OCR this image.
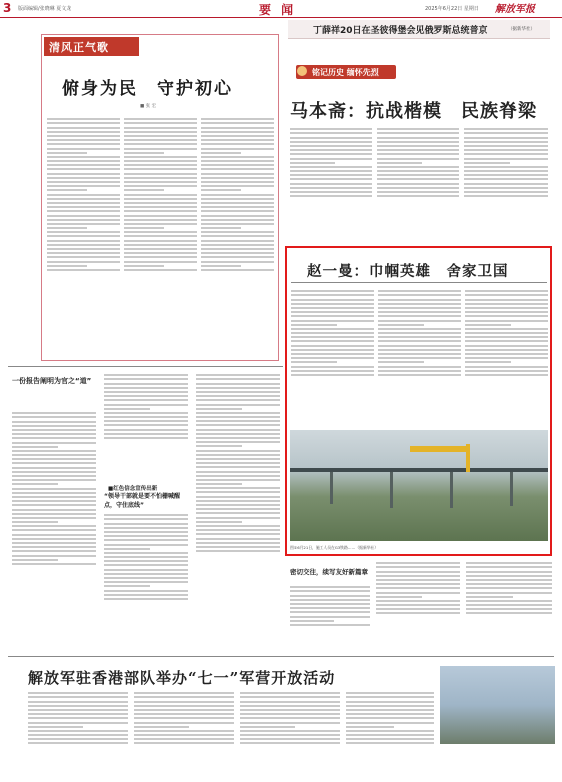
3 版面编辑/张晓琳 夏文龙	要 闻	2025年6月22日 星期日 解放军报
清风正气歌
俯身为民　守护初心
■ 张 宏
丁薛祥20日在圣彼得堡会见俄罗斯总统普京	（据新华社）
铭记历史 缅怀先烈
马本斋：抗战楷模　民族脊梁
赵一曼：巾帼英雄　舍家卫国
图①6月21日，施工人员在G3铁路……（据新华社）
一份报告阐明为官之“道”
■红色信念宣传出新
“领导干部就是要不怕栅喊醒点，守住底线”
密切交往，续写友好新篇章
解放军驻香港部队举办“七一”军营开放活动
